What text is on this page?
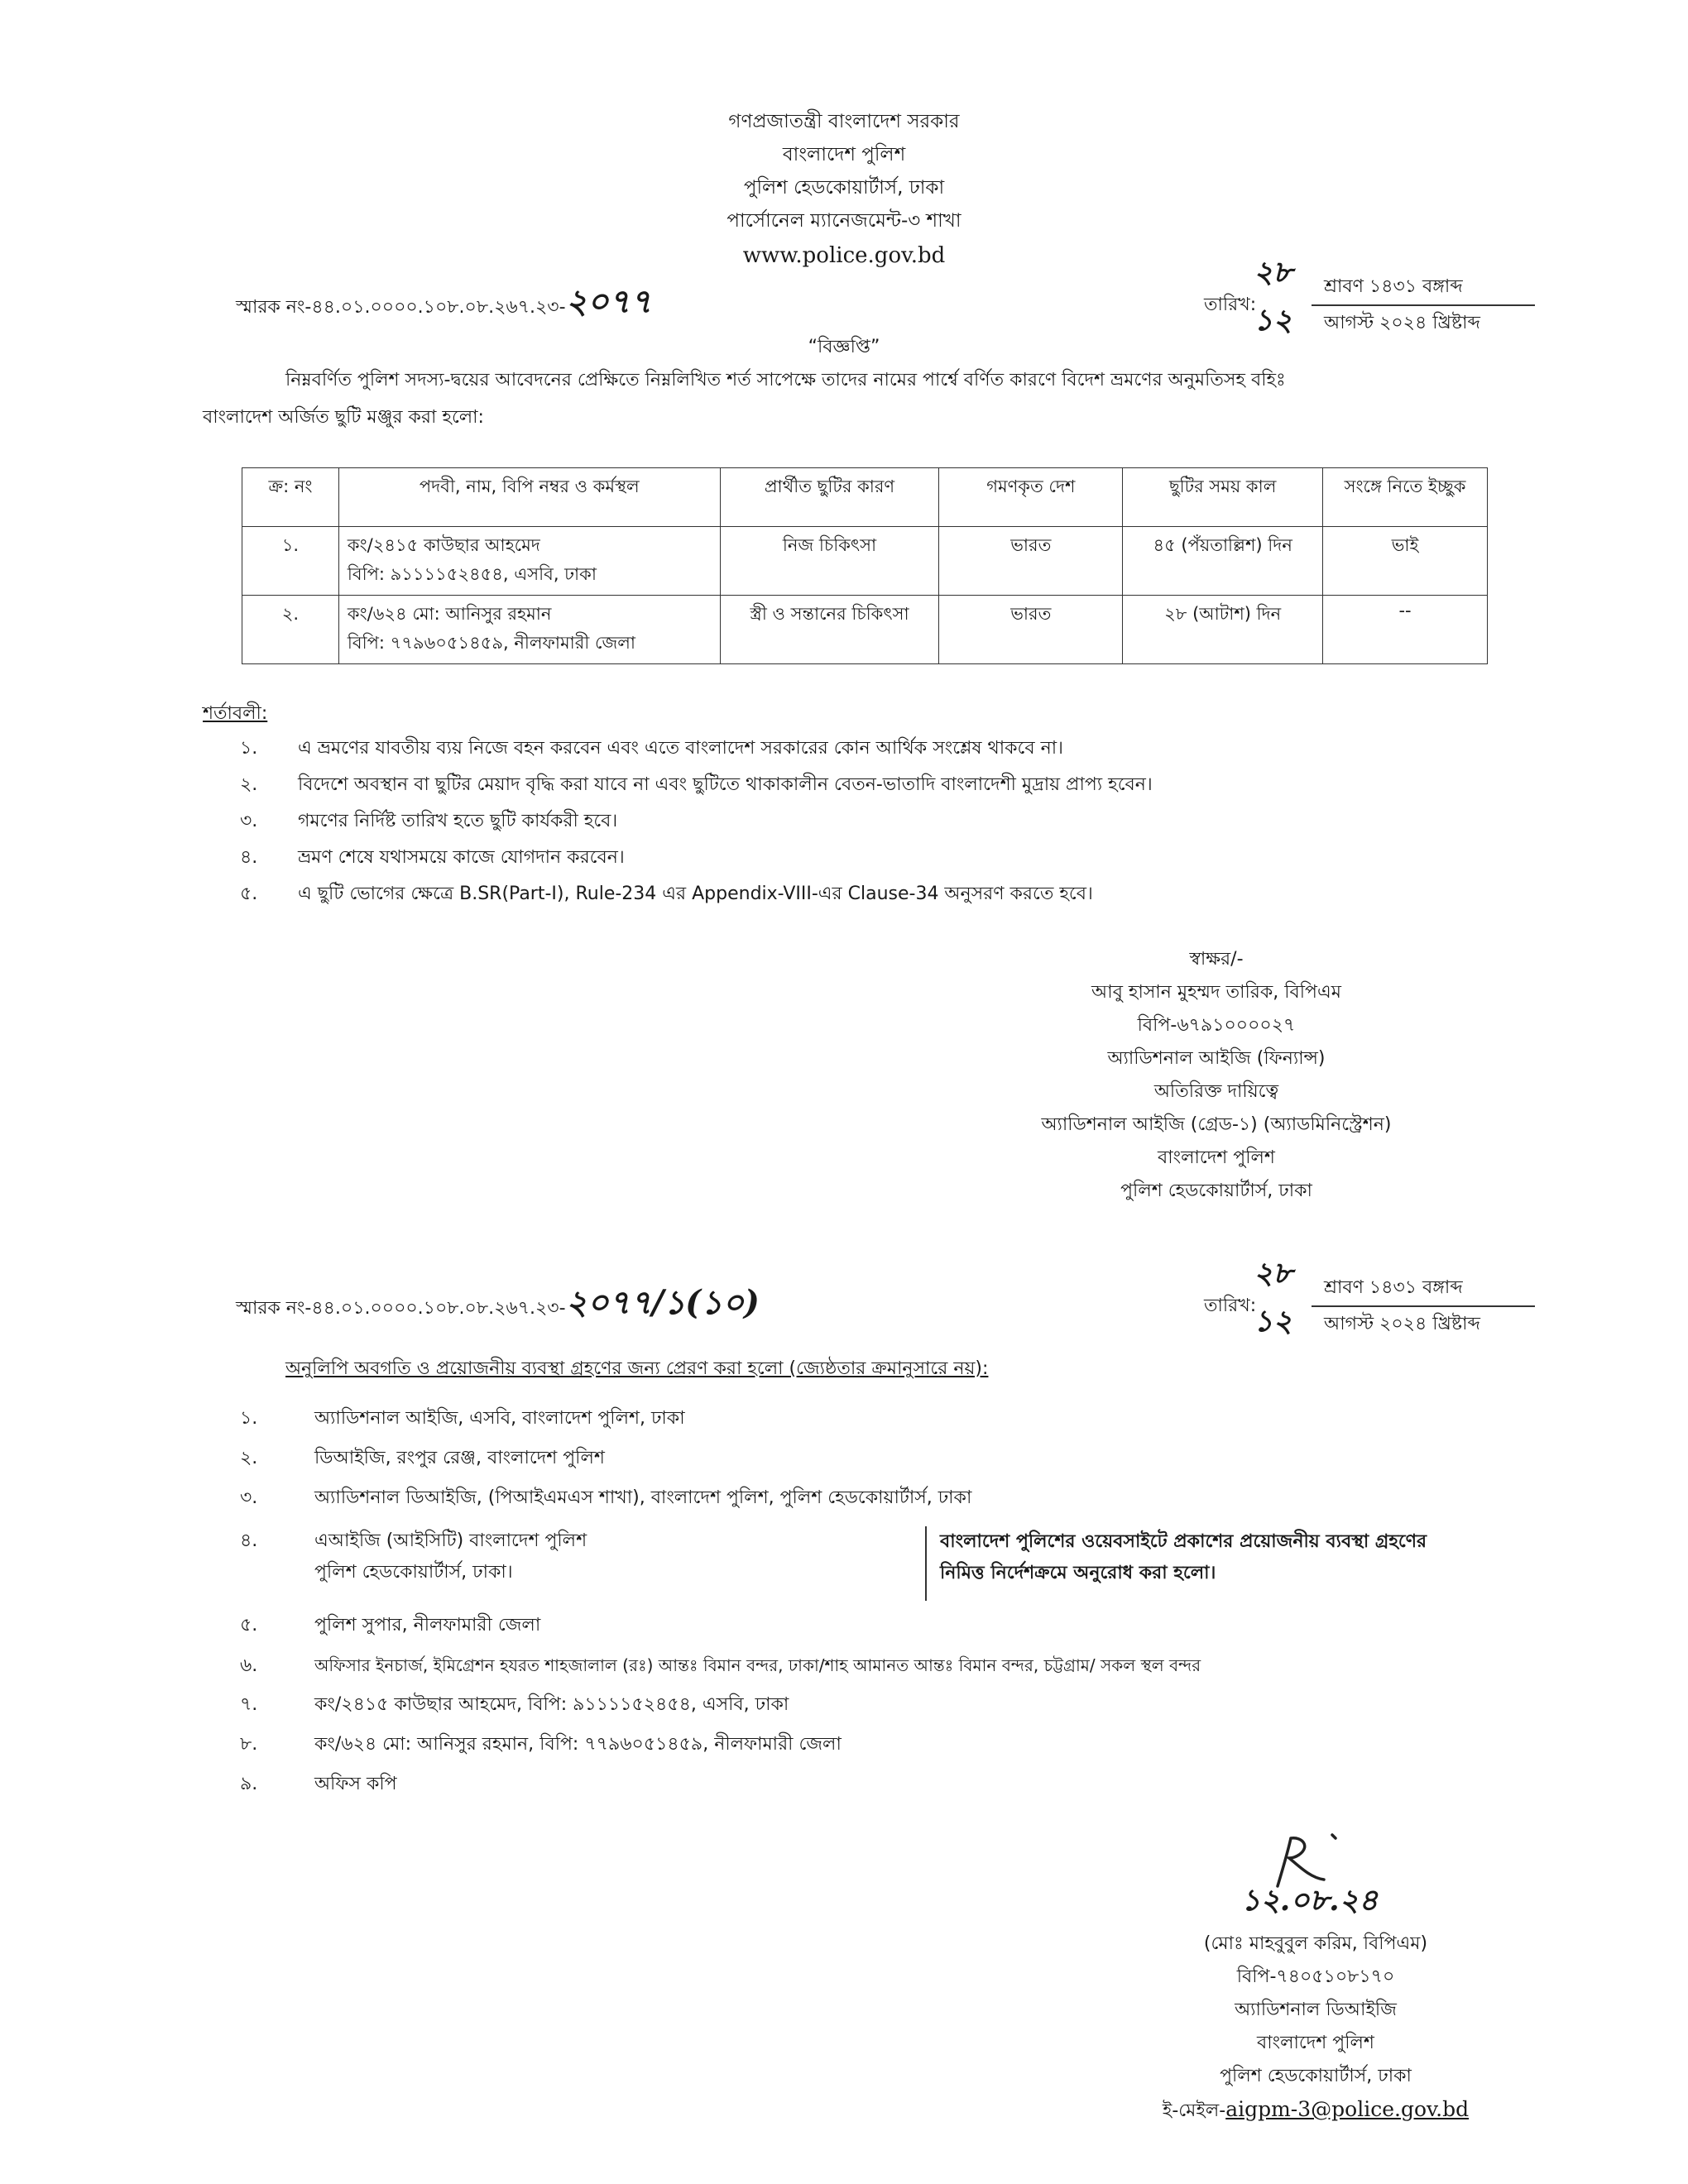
গণপ্রজাতন্ত্রী বাংলাদেশ সরকার
বাংলাদেশ পুলিশ
পুলিশ হেডকোয়ার্টার্স, ঢাকা
পার্সোনেল ম্যানেজমেন্ট-৩ শাখা
www.police.gov.bd
স্মারক নং-৪৪.০১.০০০০.১০৮.০৮.২৬৭.২৩-২০৭৭	তারিখ:
২৮ শ্রাবণ ১৪৩১ বঙ্গাব্দ
১২ আগস্ট ২০২৪ খ্রিষ্টাব্দ
“বিজ্ঞপ্তি”
নিম্নবর্ণিত পুলিশ সদস্য-দ্বয়ের আবেদনের প্রেক্ষিতে নিম্নলিখিত শর্ত সাপেক্ষে তাদের নামের পার্শ্বে বর্ণিত কারণে বিদেশ ভ্রমণের অনুমতিসহ বহিঃ
বাংলাদেশ অর্জিত ছুটি মঞ্জুর করা হলো:
ক্র: নং	পদবী, নাম, বিপি নম্বর ও কর্মস্থল	প্রার্থীত ছুটির কারণ	গমণকৃত দেশ	ছুটির সময় কাল	সংঙ্গে নিতে ইচ্ছুক
১.	কং/২৪১৫ কাউছার আহমেদ
বিপি: ৯১১১১৫২৪৫৪, এসবি, ঢাকা	নিজ চিকিৎসা	ভারত	৪৫ (পঁয়তাল্লিশ) দিন	ভাই
২.	কং/৬২৪ মো: আনিসুর রহমান
বিপি: ৭৭৯৬০৫১৪৫৯, নীলফামারী জেলা	স্ত্রী ও সন্তানের চিকিৎসা	ভারত	২৮ (আটাশ) দিন	--
শর্তাবলী:
১. এ ভ্রমণের যাবতীয় ব্যয় নিজে বহন করবেন এবং এতে বাংলাদেশ সরকারের কোন আর্থিক সংশ্লেষ থাকবে না।
২. বিদেশে অবস্থান বা ছুটির মেয়াদ বৃদ্ধি করা যাবে না এবং ছুটিতে থাকাকালীন বেতন-ভাতাদি বাংলাদেশী মুদ্রায় প্রাপ্য হবেন।
৩. গমণের নির্দিষ্ট তারিখ হতে ছুটি কার্যকরী হবে।
৪. ভ্রমণ শেষে যথাসময়ে কাজে যোগদান করবেন।
৫. এ ছুটি ভোগের ক্ষেত্রে B.SR(Part-I), Rule-234 এর Appendix-VIII-এর Clause-34 অনুসরণ করতে হবে।
স্বাক্ষর/-
আবু হাসান মুহম্মদ তারিক, বিপিএম
বিপি-৬৭৯১০০০০২৭
অ্যাডিশনাল আইজি (ফিন্যান্স)
অতিরিক্ত দায়িত্বে
অ্যাডিশনাল আইজি (গ্রেড-১) (অ্যাডমিনিস্ট্রেশন)
বাংলাদেশ পুলিশ
পুলিশ হেডকোয়ার্টার্স, ঢাকা
স্মারক নং-৪৪.০১.০০০০.১০৮.০৮.২৬৭.২৩-২০৭৭/১(১০)	তারিখ:
২৮ শ্রাবণ ১৪৩১ বঙ্গাব্দ
১২ আগস্ট ২০২৪ খ্রিষ্টাব্দ
অনুলিপি অবগতি ও প্রয়োজনীয় ব্যবস্থা গ্রহণের জন্য প্রেরণ করা হলো (জ্যেষ্ঠতার ক্রমানুসারে নয়):
১.	অ্যাডিশনাল আইজি, এসবি, বাংলাদেশ পুলিশ, ঢাকা
২.	ডিআইজি, রংপুর রেঞ্জ, বাংলাদেশ পুলিশ
৩.	অ্যাডিশনাল ডিআইজি, (পিআইএমএস শাখা), বাংলাদেশ পুলিশ, পুলিশ হেডকোয়ার্টার্স, ঢাকা
৪.	এআইজি (আইসিটি) বাংলাদেশ পুলিশ
পুলিশ হেডকোয়ার্টার্স, ঢাকা।
বাংলাদেশ পুলিশের ওয়েবসাইটে প্রকাশের প্রয়োজনীয় ব্যবস্থা গ্রহণের
নিমিত্ত নির্দেশক্রমে অনুরোধ করা হলো।
৫.	পুলিশ সুপার, নীলফামারী জেলা
৬.	অফিসার ইনচার্জ, ইমিগ্রেশন হযরত শাহজালাল (রঃ) আন্তঃ বিমান বন্দর, ঢাকা/শাহ আমানত আন্তঃ বিমান বন্দর, চট্টগ্রাম/ সকল স্থল বন্দর
৭.	কং/২৪১৫ কাউছার আহমেদ, বিপি: ৯১১১১৫২৪৫৪, এসবি, ঢাকা
৮.	কং/৬২৪ মো: আনিসুর রহমান, বিপি: ৭৭৯৬০৫১৪৫৯, নীলফামারী জেলা
৯.	অফিস কপি
১২.০৮.২৪
(মোঃ মাহবুবুল করিম, বিপিএম)
বিপি-৭৪০৫১০৮১৭০
অ্যাডিশনাল ডিআইজি
বাংলাদেশ পুলিশ
পুলিশ হেডকোয়ার্টার্স, ঢাকা
ই-মেইল-aigpm-3@police.gov.bd
